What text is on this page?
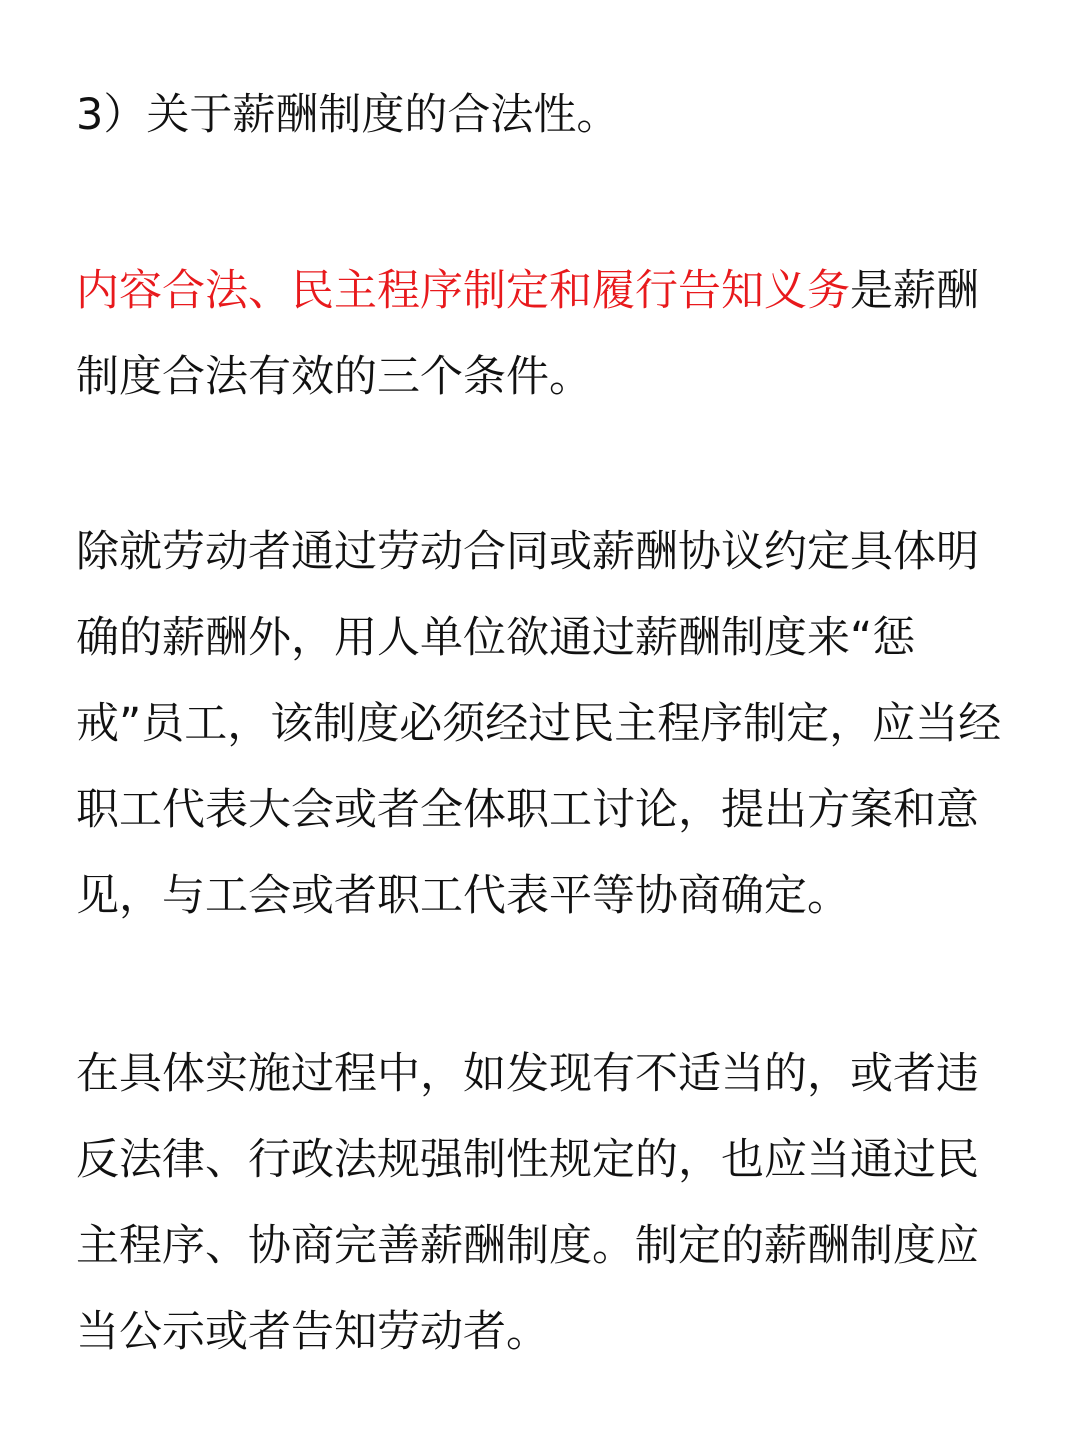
3）关于薪酬制度的合法性。

内容合法、民主程序制定和履行告知义务是薪酬制度合法有效的三个条件。

除就劳动者通过劳动合同或薪酬协议约定具体明确的薪酬外，用人单位欲通过薪酬制度来“惩戒”员工，该制度必须经过民主程序制定，应当经职工代表大会或者全体职工讨论，提出方案和意见，与工会或者职工代表平等协商确定。

在具体实施过程中，如发现有不适当的，或者违反法律、行政法规强制性规定的，也应当通过民主程序、协商完善薪酬制度。制定的薪酬制度应当公示或者告知劳动者。
